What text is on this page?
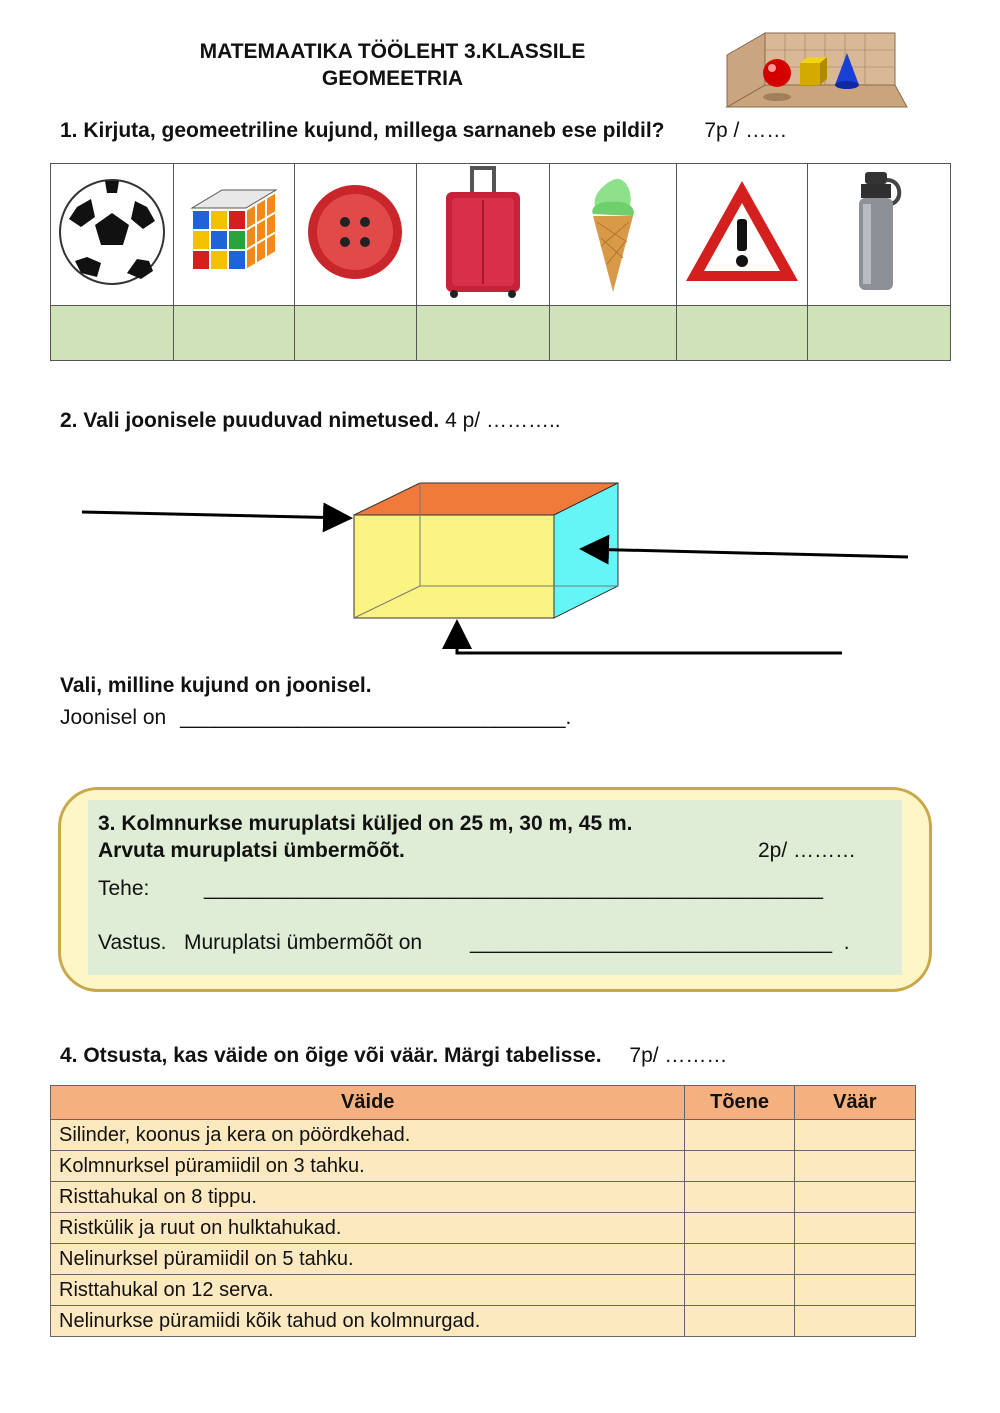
MATEMAATIKA TÖÖLEHT 3.KLASSILE
GEOMEETRIA
1. Kirjuta, geomeetriline kujund, millega sarnaneb ese pildil? 7p / ……

2. Vali joonisele puuduvad nimetused. 4 p/ ………..
Vali, milline kujund on joonisel.
Joonisel on _________________________________.
3. Kolmnurkse muruplatsi küljed on 25 m, 30 m, 45 m.
Arvuta muruplatsi ümbermõõt.	2p/ ………
Tehe:	_____________________________________________________
Vastus.   Muruplatsi ümbermõõt on _______________________________  .
4. Otsusta, kas väide on õige või väär. Märgi tabelisse. 7p/ ………
Väide	Tõene	Väär
Silinder, koonus ja kera on pöördkehad.		
Kolmnurksel püramiidil on 3 tahku.		
Risttahukal on 8 tippu.		
Ristkülik ja ruut on hulktahukad.		
Nelinurksel püramiidil on 5 tahku.		
Risttahukal on 12 serva.		
Nelinurkse püramiidi kõik tahud on kolmnurgad.		
